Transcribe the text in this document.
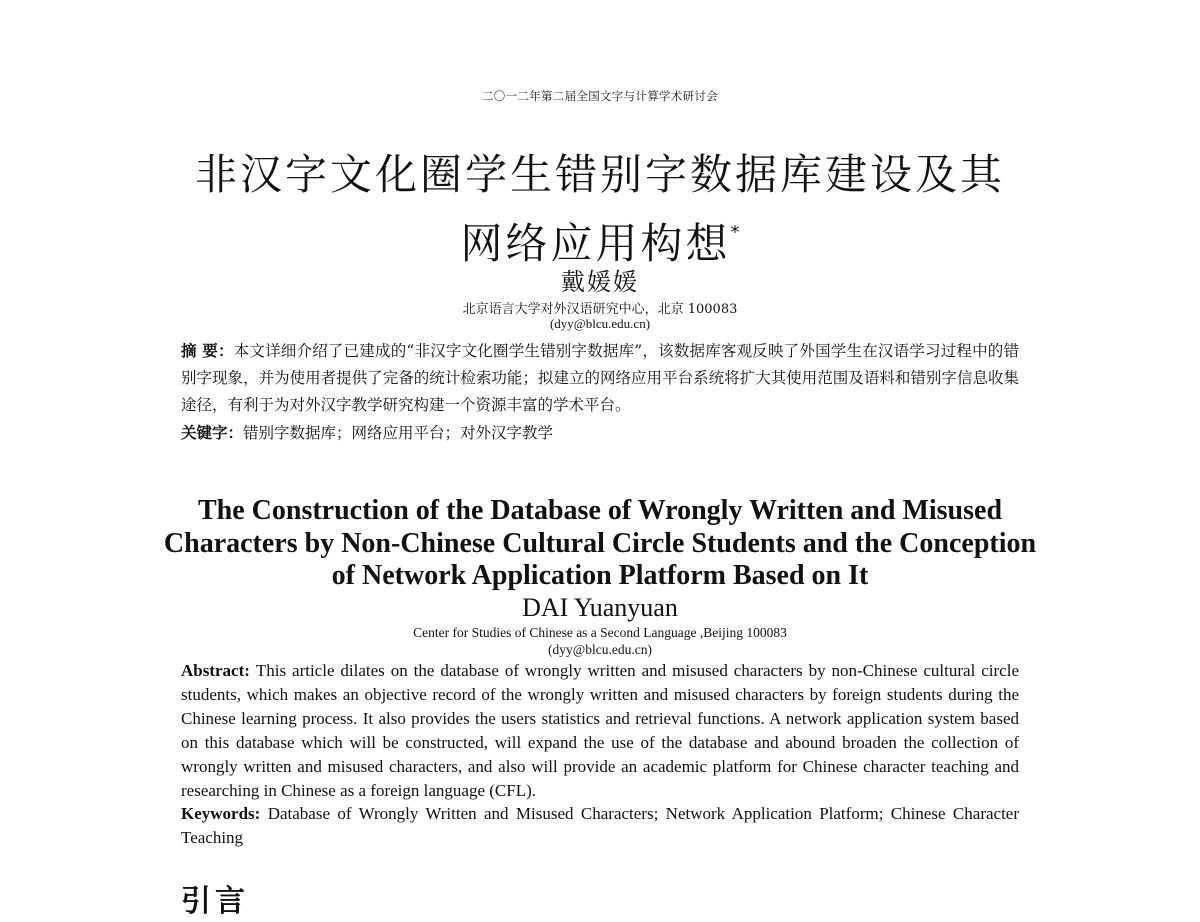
二〇一二年第二届全国文字与计算学术研讨会
非汉字文化圈学生错别字数据库建设及其
网络应用构想*
戴媛媛
北京语言大学对外汉语研究中心，北京 100083
(dyy@blcu.edu.cn)

摘 要：本文详细介绍了已建成的“非汉字文化圈学生错别字数据库”，该数据库客观反映了外国学生在汉语学习过程中的错别字现象，并为使用者提供了完备的统计检索功能；拟建立的网络应用平台系统将扩大其使用范围及语料和错别字信息收集途径，有利于为对外汉字教学研究构建一个资源丰富的学术平台。

关键字：错别字数据库；网络应用平台；对外汉字教学

The Construction of the Database of Wrongly Written and Misused Characters by Non-Chinese Cultural Circle Students and the Conception of Network Application Platform Based on It
DAI Yuanyuan
Center for Studies of Chinese as a Second Language ,Beijing 100083
(dyy@blcu.edu.cn)

Abstract: This article dilates on the database of wrongly written and misused characters by non-Chinese cultural circle students, which makes an objective record of the wrongly written and misused characters by foreign students during the Chinese learning process. It also provides the users statistics and retrieval functions. A network application system based on this database which will be constructed, will expand the use of the database and abound broaden the collection of wrongly written and misused characters, and also will provide an academic platform for Chinese character teaching and researching in Chinese as a foreign language (CFL).

Keywords: Database of Wrongly Written and Misused Characters; Network Application Platform; Chinese Character Teaching

引言
